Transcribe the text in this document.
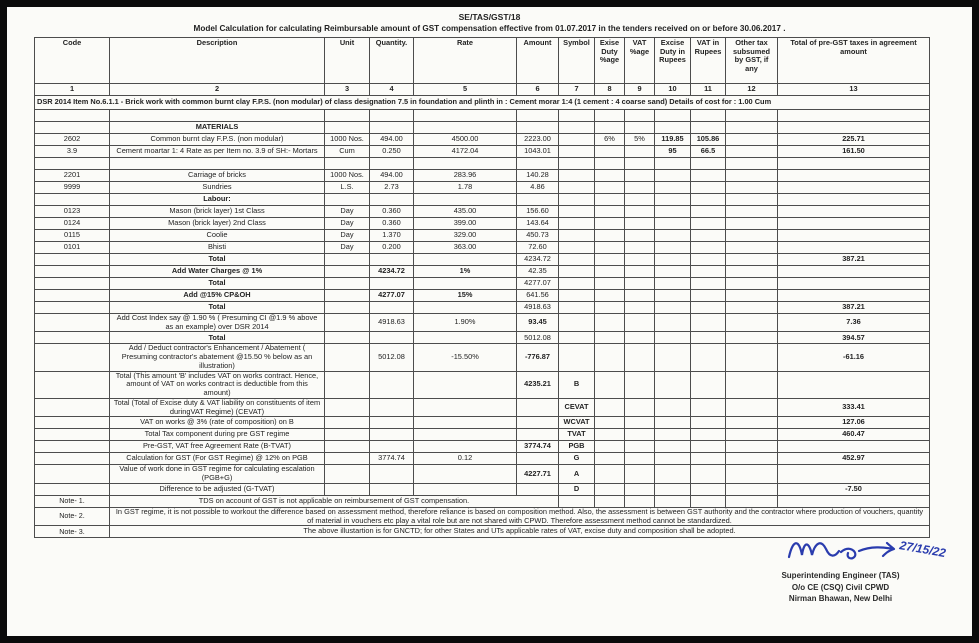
SE/TAS/GST/18
Model Calculation for calculating Reimbursable amount of GST compensation effective from 01.07.2017 in the tenders received on or before 30.06.2017 .
Code	Description	Unit	Quantity.	Rate	Amount	Symbol	Exise Duty %age	VAT %age	Excise Duty in Rupees	VAT in Rupees	Other tax subsumed by GST, if any	Total of pre-GST taxes in agreement amount
1	2	3	4	5	6	7	8	9	10	11	12	13
DSR 2014 Item No.6.1.1 - Brick work with common burnt clay F.P.S. (non modular) of class designation 7.5 in foundation and plinth in : Cement morar 1:4 (1 cement : 4 coarse sand) Details of cost for : 1.00 Cum												

	MATERIALS											
2602	Common burnt clay F.P.S. (non modular)	1000 Nos.	494.00	4500.00	2223.00		6%	5%	119.85	105.86		225.71
3.9	Cement moartar 1: 4 Rate as per Item no. 3.9 of SH:- Mortars	Cum	0.250	4172.04	1043.01				95	66.5		161.50

2201	Carriage of bricks	1000 Nos.	494.00	283.96	140.28							
9999	Sundries	L.S.	2.73	1.78	4.86							
	Labour:											
0123	Mason (brick layer) 1st Class	Day	0.360	435.00	156.60							
0124	Mason (brick layer) 2nd Class	Day	0.360	399.00	143.64							
0115	Coolie	Day	1.370	329.00	450.73							
0101	Bhisti	Day	0.200	363.00	72.60							
	Total				4234.72							387.21
	Add Water Charges @ 1%		4234.72	1%	42.35							
	Total				4277.07							
	Add @15% CP&OH		4277.07	15%	641.56							
	Total				4918.63							387.21
	Add Cost Index say @ 1.90 % ( Presuming CI @1.9 % above as an example) over DSR 2014		4918.63	1.90%	93.45							7.36
	Total				5012.08							394.57
	Add / Deduct contractor's Enhancement / Abatement ( Presuming contractor's abatement @15.50 % below as an illustration)		5012.08	-15.50%	-776.87							-61.16
	Total (This amount 'B' includes VAT on works contract. Hence, amount of VAT on works contract is deductible from this amount)				4235.21	B						
	Total (Total of Excise duty & VAT liability on constituents of item duringVAT Regime) (CEVAT)					CEVAT						333.41
	VAT on works @ 3% (rate of composition) on B					WCVAT						127.06
	Total Tax component during pre GST regime					TVAT						460.47
	Pre-GST, VAT free Agreement Rate (B-TVAT)				3774.74	PGB						
	Calculation for GST (For GST Regime) @ 12% on PGB		3774.74	0.12		G						452.97
	Value of work done in GST regime for calculating escalation (PGB+G)				4227.71	A						
	Difference to be adjusted (G-TVAT)					D						-7.50
Note- 1.	TDS on account of GST is not applicable on reimbursement of GST compensation.											
Note- 2.	In GST regime, it is not possible to workout the difference based on assessment method, therefore reliance is based on composition method. Also, the assessment is between GST authority and the contractor where production of vouchers, quantity of material in vouchers etc play a vital role but are not shared with CPWD. Therefore assessment method cannot be standardized.											
Note- 3.	The above illustartion is for GNCTD; for other States and UTs applicable rates of VAT, excise duty and composition shall be adopted.											
27/15/22
Superintending Engineer (TAS)
O/o CE (CSQ) Civil CPWD
Nirman Bhawan, New Delhi
